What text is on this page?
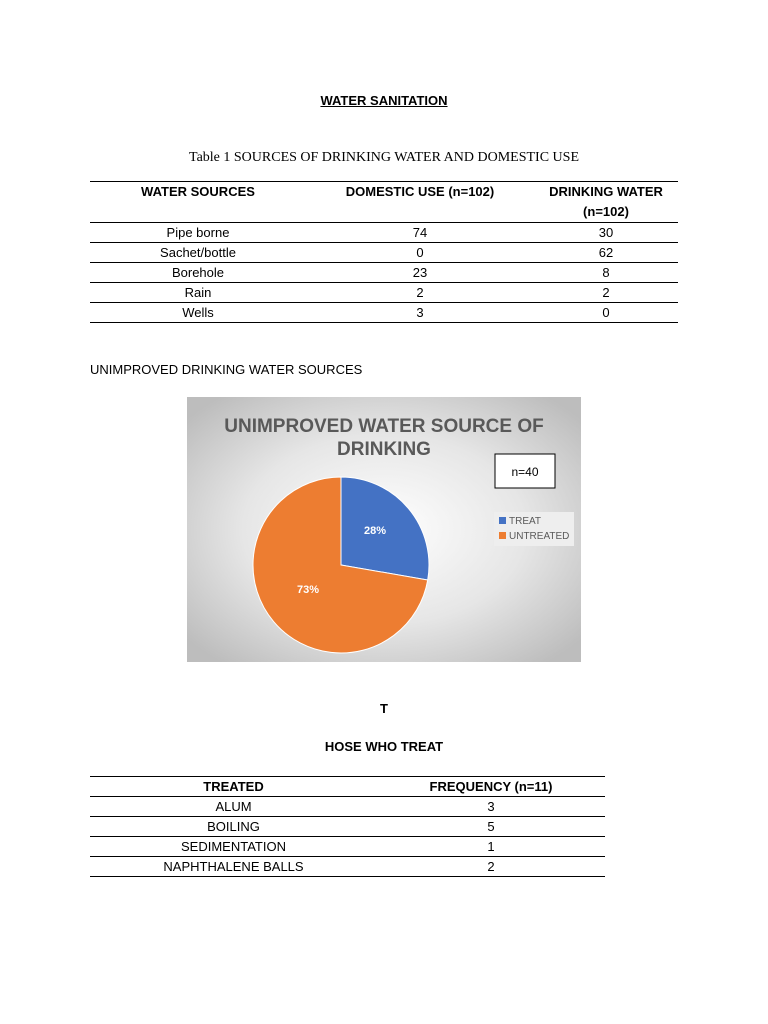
WATER SANITATION
Table 1 SOURCES OF DRINKING WATER AND DOMESTIC USE
WATER SOURCES	DOMESTIC USE (n=102)	DRINKING WATER (n=102)
Pipe borne	74	30
Sachet/bottle	0	62
Borehole	23	8
Rain	2	2
Wells	3	0
UNIMPROVED DRINKING WATER SOURCES
UNIMPROVED WATER SOURCE OF
DRINKING
n=40
28%
73%
TREAT
UNTREATED
T
HOSE WHO TREAT
TREATED	FREQUENCY (n=11)
ALUM	3
BOILING	5
SEDIMENTATION	1
NAPHTHALENE BALLS	2
